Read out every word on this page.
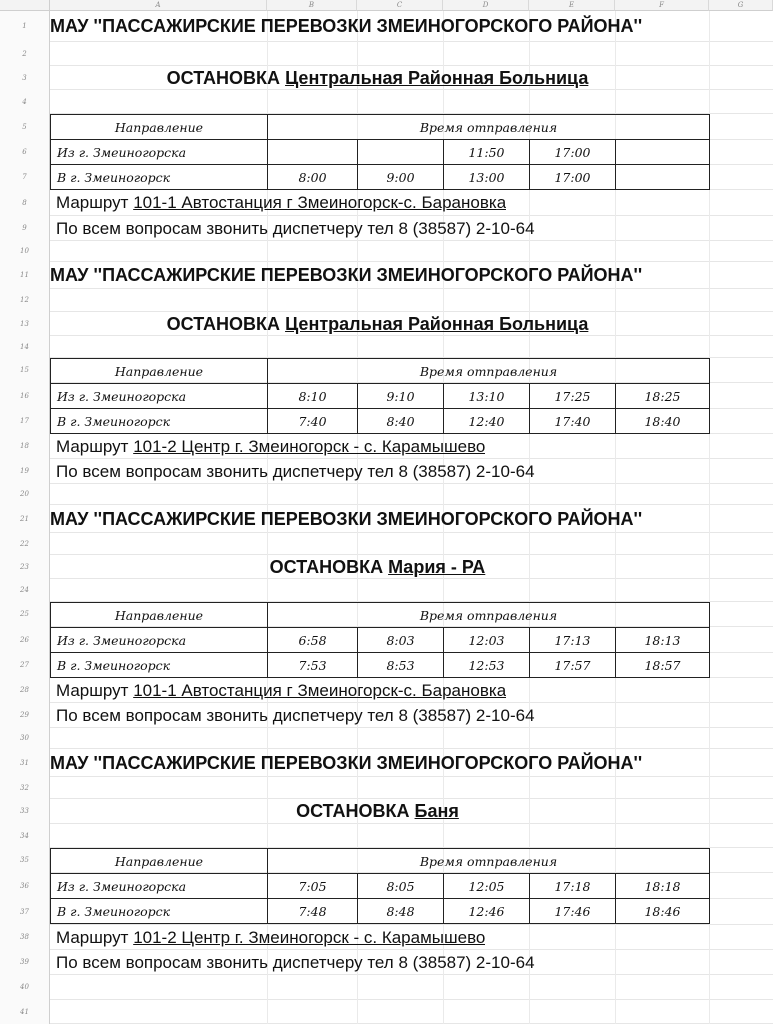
A	B	C	D	E	F	G
1
2
3
4
5
6
7
8
9
10
11
12
13
14
15
16
17
18
19
20
21
22
23
24
25
26
27
28
29
30
31
32
33
34
35
36
37
38
39
40
41
МАУ ''ПАССАЖИРСКИЕ ПЕРЕВОЗКИ ЗМЕИНОГОРСКОГО РАЙОНА''
ОСТАНОВКА Центральная Районная Больница
Направление	Время отправления				
Из г. Змеиногорска			11:50	17:00	
В г. Змеиногорск	8:00	9:00	13:00	17:00	
Маршрут 101-1 Автостанция г Змеиногорск-с. Барановка
По всем вопросам звонить диспетчеру тел 8 (38587) 2-10-64
МАУ ''ПАССАЖИРСКИЕ ПЕРЕВОЗКИ ЗМЕИНОГОРСКОГО РАЙОНА''
ОСТАНОВКА Центральная Районная Больница
Направление	Время отправления				
Из г. Змеиногорска	8:10	9:10	13:10	17:25	18:25
В г. Змеиногорск	7:40	8:40	12:40	17:40	18:40
Маршрут 101-2 Центр г. Змеиногорск - с. Карамышево
По всем вопросам звонить диспетчеру тел 8 (38587) 2-10-64
МАУ ''ПАССАЖИРСКИЕ ПЕРЕВОЗКИ ЗМЕИНОГОРСКОГО РАЙОНА''
ОСТАНОВКА Мария - РА
Направление	Время отправления				
Из г. Змеиногорска	6:58	8:03	12:03	17:13	18:13
В г. Змеиногорск	7:53	8:53	12:53	17:57	18:57
Маршрут 101-1 Автостанция г Змеиногорск-с. Барановка
По всем вопросам звонить диспетчеру тел 8 (38587) 2-10-64
МАУ ''ПАССАЖИРСКИЕ ПЕРЕВОЗКИ ЗМЕИНОГОРСКОГО РАЙОНА''
ОСТАНОВКА Баня
Направление	Время отправления				
Из г. Змеиногорска	7:05	8:05	12:05	17:18	18:18
В г. Змеиногорск	7:48	8:48	12:46	17:46	18:46
Маршрут 101-2 Центр г. Змеиногорск - с. Карамышево
По всем вопросам звонить диспетчеру тел 8 (38587) 2-10-64
